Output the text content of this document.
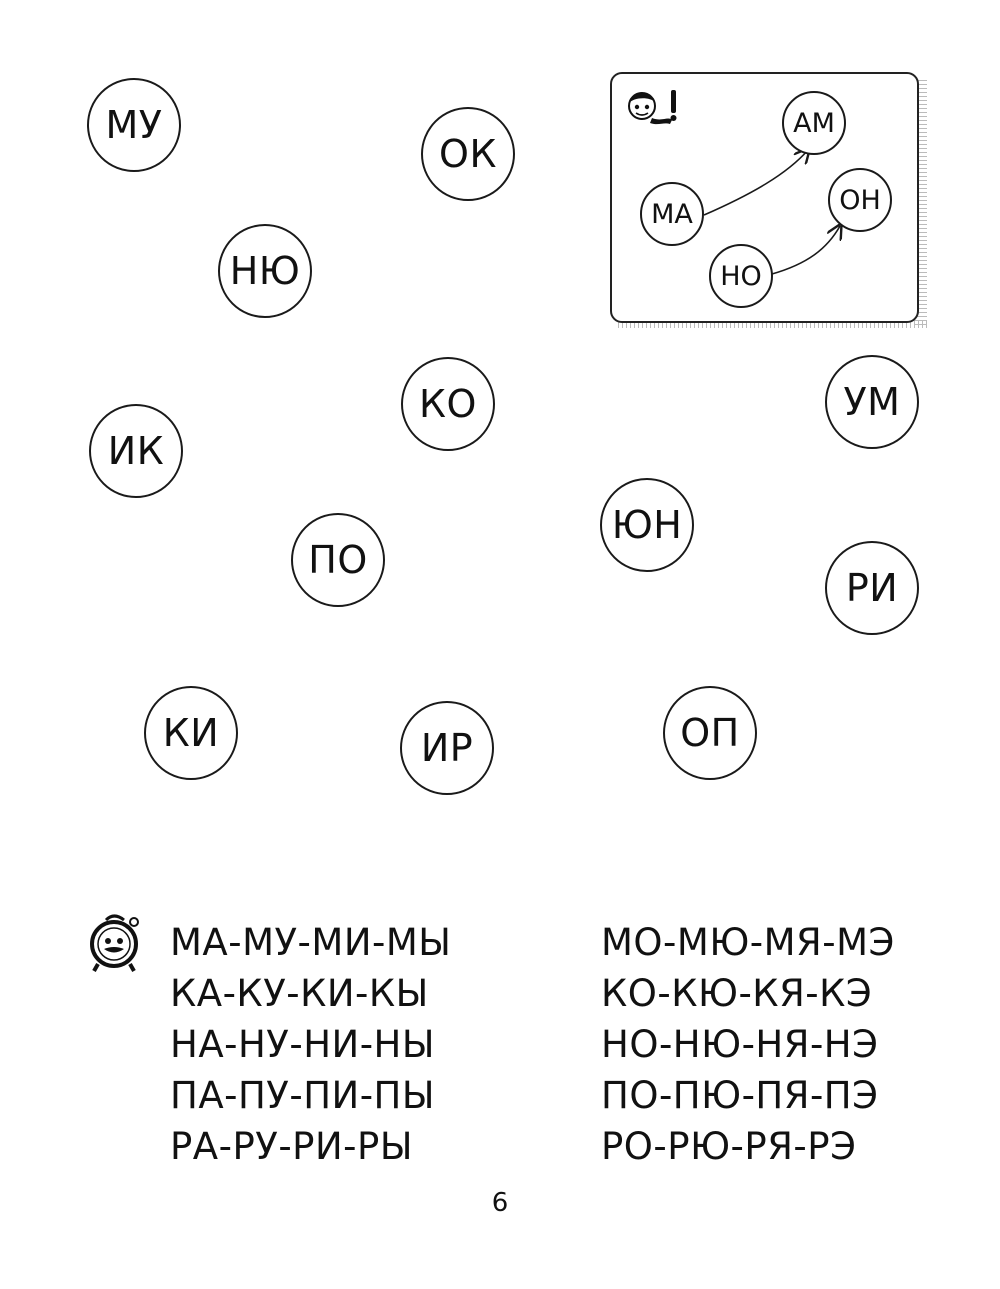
МУ
ОК
НЮ
КО	УМ
ИК
ЮН
ПО
РИ
КИ	ИР	ОП
МА
НО
АМ
ОН
МА-МУ-МИ-МЫ
КА-КУ-КИ-КЫ
НА-НУ-НИ-НЫ
ПА-ПУ-ПИ-ПЫ
РА-РУ-РИ-РЫ
МО-МЮ-МЯ-МЭ
КО-КЮ-КЯ-КЭ
НО-НЮ-НЯ-НЭ
ПО-ПЮ-ПЯ-ПЭ
РО-РЮ-РЯ-РЭ
6
